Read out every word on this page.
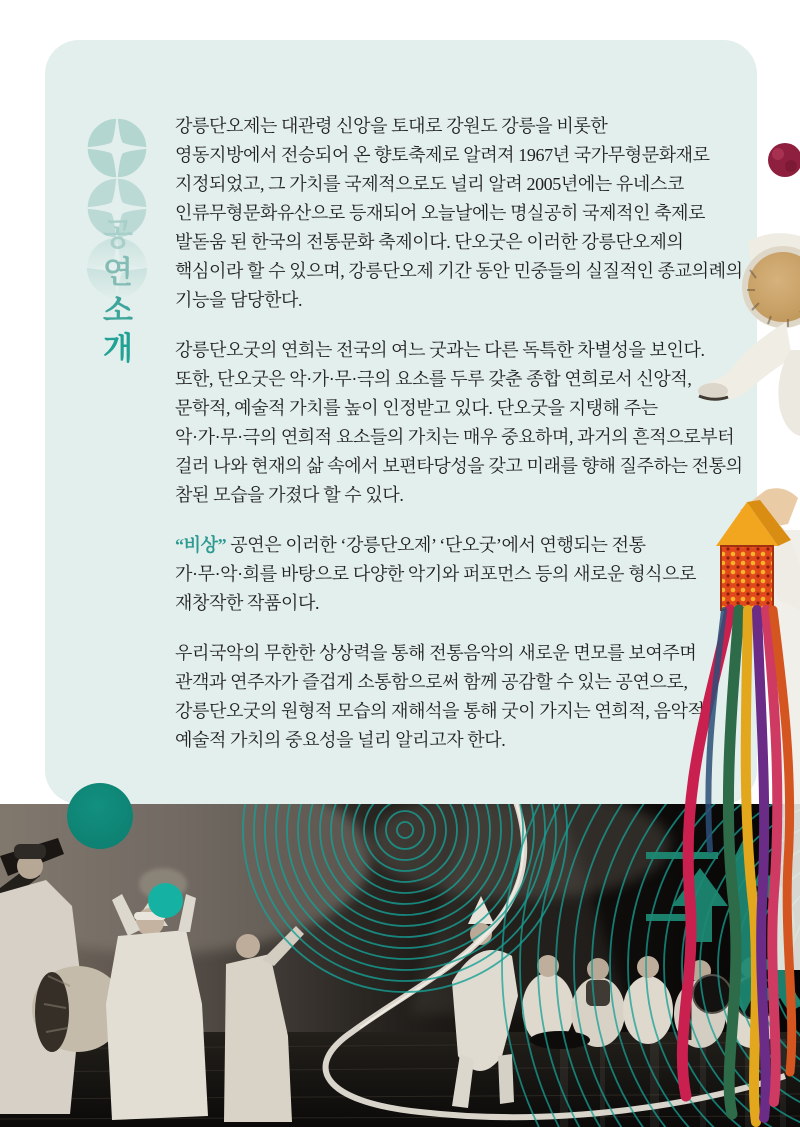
공
연
소
개
강릉단오제는 대관령 신앙을 토대로 강원도 강릉을 비롯한
영동지방에서 전승되어 온 향토축제로 알려져 1967년 국가무형문화재로
지정되었고, 그 가치를 국제적으로도 널리 알려 2005년에는 유네스코
인류무형문화유산으로 등재되어 오늘날에는 명실공히 국제적인 축제로
발돋움 된 한국의 전통문화 축제이다. 단오굿은 이러한 강릉단오제의
핵심이라 할 수 있으며, 강릉단오제 기간 동안 민중들의 실질적인 종교의례의
기능을 담당한다.
강릉단오굿의 연희는 전국의 여느 굿과는 다른 독특한 차별성을 보인다.
또한, 단오굿은 악·가·무·극의 요소를 두루 갖춘 종합 연희로서 신앙적,
문학적, 예술적 가치를 높이 인정받고 있다. 단오굿을 지탱해 주는
악·가·무·극의 연희적 요소들의 가치는 매우 중요하며, 과거의 흔적으로부터
걸러 나와 현재의 삶 속에서 보편타당성을 갖고 미래를 향해 질주하는 전통의
참된 모습을 가졌다 할 수 있다.
“비상” 공연은 이러한 ‘강릉단오제’ ‘단오굿’에서 연행되는 전통
가·무·악·희를 바탕으로 다양한 악기와 퍼포먼스 등의 새로운 형식으로
재창작한 작품이다.
우리국악의 무한한 상상력을 통해 전통음악의 새로운 면모를 보여주며
관객과 연주자가 즐겁게 소통함으로써 함께 공감할 수 있는 공연으로,
강릉단오굿의 원형적 모습의 재해석을 통해 굿이 가지는 연희적, 음악적,
예술적 가치의 중요성을 널리 알리고자 한다.
